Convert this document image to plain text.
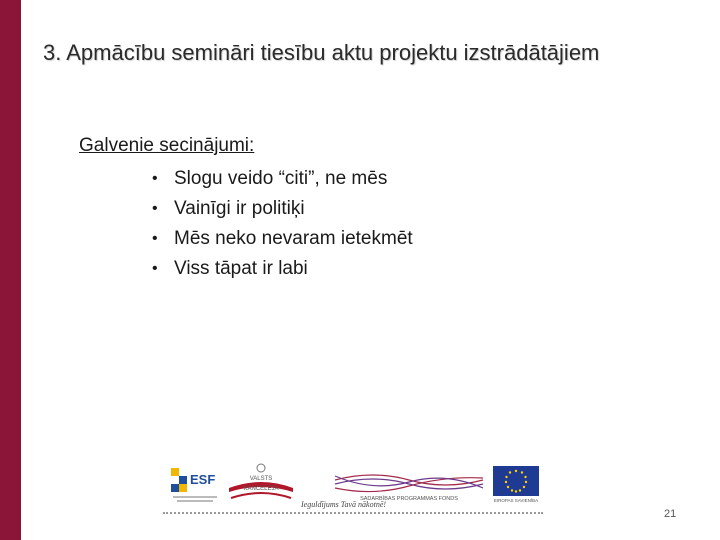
3. Apmācību semināri tiesību aktu projektu izstrādātājiem
Galvenie secinājumi:
• Slogu veido “citi”, ne mēs
• Vainīgi ir politiķi
• Mēs neko nevaram ietekmēt
• Viss tāpat ir labi
ESF	VALSTS
KANCELEJA
SADARBĪBAS PROGRAMMAS FONDS	EIROPAS SAVIENĪBA
Ieguldījums Tavā nākotnē!
21
